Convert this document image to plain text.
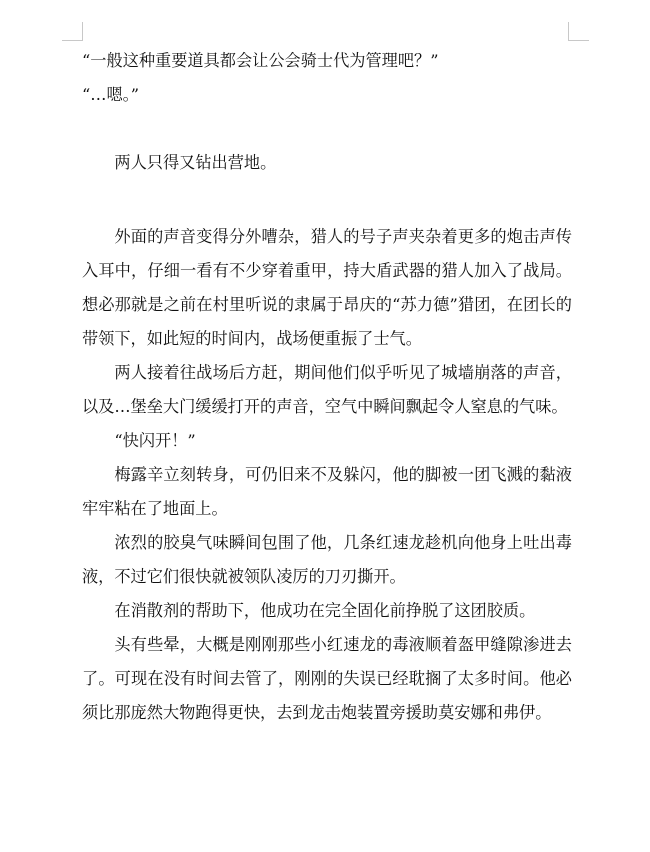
“一般这种重要道具都会让公会骑士代为管理吧？”

“…嗯。”

两人只得又钻出营地。

外面的声音变得分外嘈杂，猎人的号子声夹杂着更多的炮击声传入耳中，仔细一看有不少穿着重甲，持大盾武器的猎人加入了战局。想必那就是之前在村里听说的隶属于昂庆的“苏力德”猎团，在团长的带领下，如此短的时间内，战场便重振了士气。

两人接着往战场后方赶，期间他们似乎听见了城墙崩落的声音，以及…堡垒大门缓缓打开的声音，空气中瞬间飘起令人窒息的气味。

“快闪开！”

梅露辛立刻转身，可仍旧来不及躲闪，他的脚被一团飞溅的黏液牢牢粘在了地面上。

浓烈的胶臭气味瞬间包围了他，几条红速龙趁机向他身上吐出毒液，不过它们很快就被领队凌厉的刀刃撕开。

在消散剂的帮助下，他成功在完全固化前挣脱了这团胶质。

头有些晕，大概是刚刚那些小红速龙的毒液顺着盔甲缝隙渗进去了。可现在没有时间去管了，刚刚的失误已经耽搁了太多时间。他必须比那庞然大物跑得更快，去到龙击炮装置旁援助莫安娜和弗伊。
